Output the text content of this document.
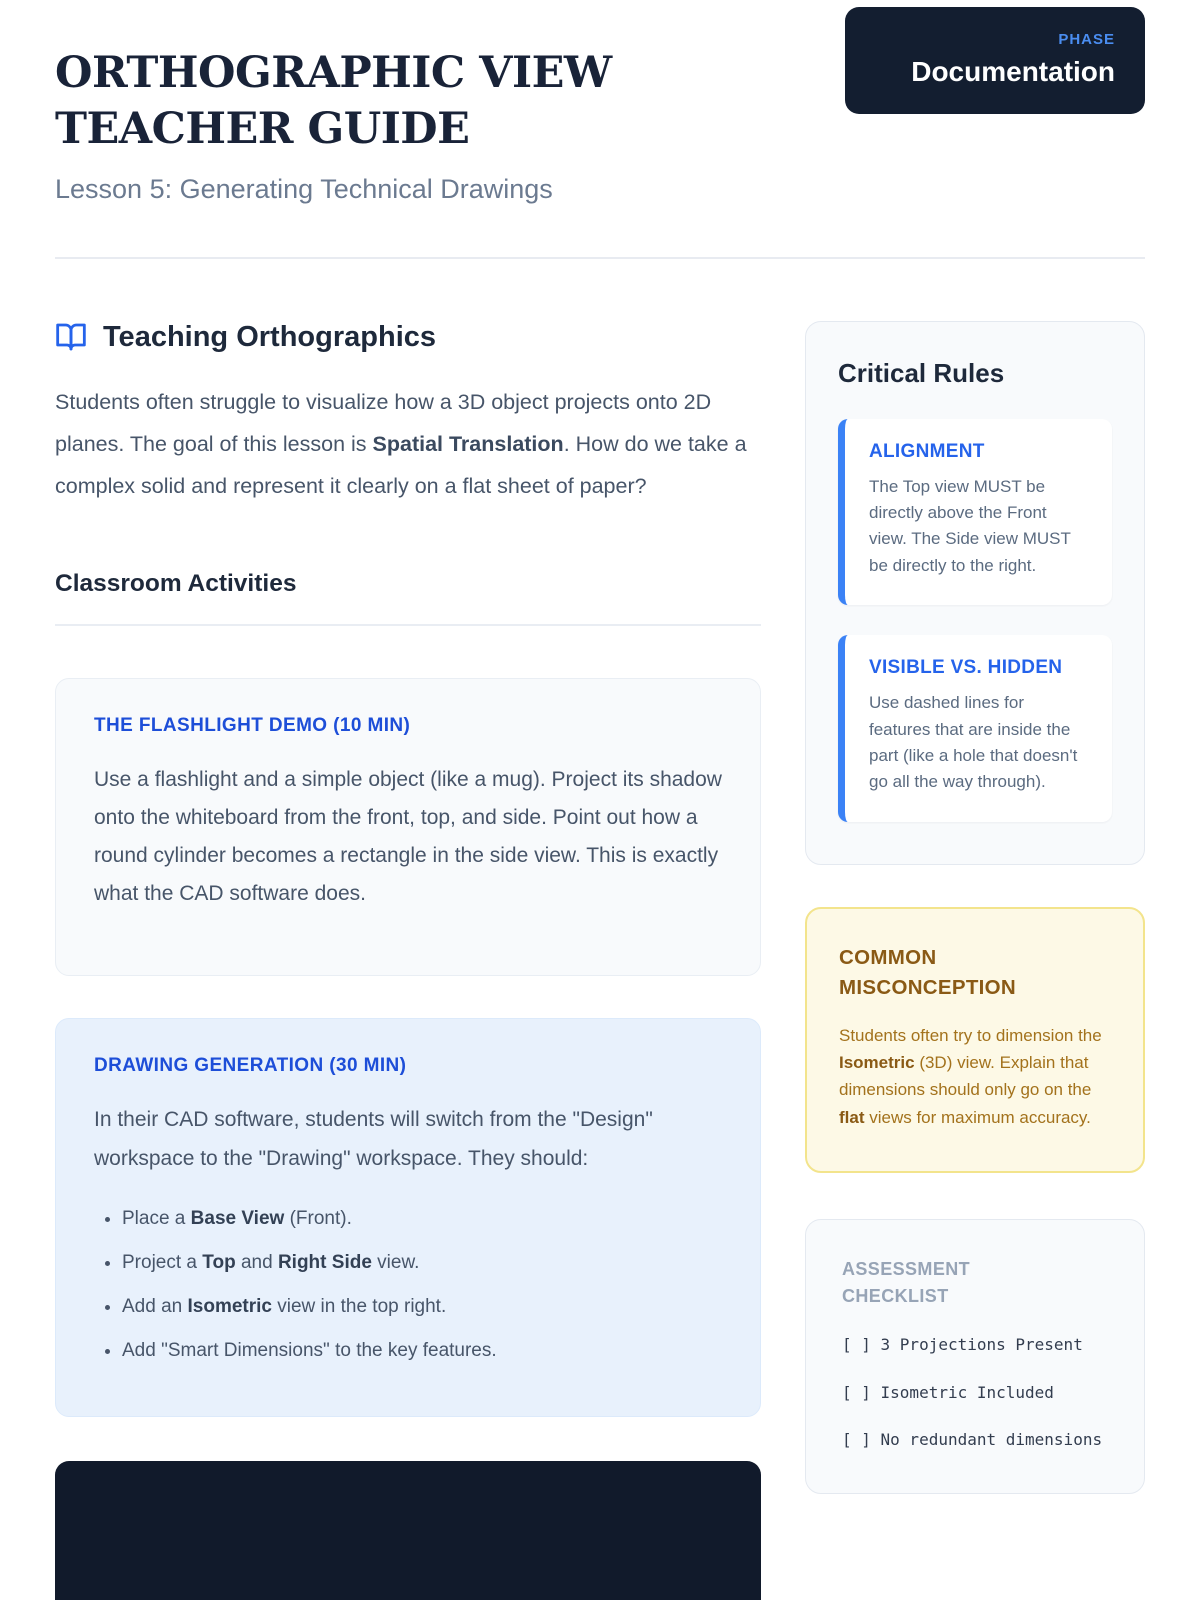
ORTHOGRAPHIC VIEW TEACHER GUIDE
Lesson 5: Generating Technical Drawings
PHASE
Documentation
Teaching Orthographics

Students often struggle to visualize how a 3D object projects onto 2D planes. The goal of this lesson is Spatial Translation. How do we take a complex solid and represent it clearly on a flat sheet of paper?

Classroom Activities
THE FLASHLIGHT DEMO (10 MIN)

Use a flashlight and a simple object (like a mug). Project its shadow onto the whiteboard from the front, top, and side. Point out how a round cylinder becomes a rectangle in the side view. This is exactly what the CAD software does.

DRAWING GENERATION (30 MIN)

In their CAD software, students will switch from the "Design" workspace to the "Drawing" workspace. They should:

• Place a Base View (Front).
• Project a Top and Right Side view.
• Add an Isometric view in the top right.
• Add "Smart Dimensions" to the key features.
Critical Rules
ALIGNMENT
The Top view MUST be directly above the Front view. The Side view MUST be directly to the right.
VISIBLE VS. HIDDEN
Use dashed lines for features that are inside the part (like a hole that doesn't go all the way through).
COMMON MISCONCEPTION
Students often try to dimension the Isometric (3D) view. Explain that dimensions should only go on the flat views for maximum accuracy.
ASSESSMENT CHECKLIST
[ ] 3 Projections Present
[ ] Isometric Included
[ ] No redundant dimensions
